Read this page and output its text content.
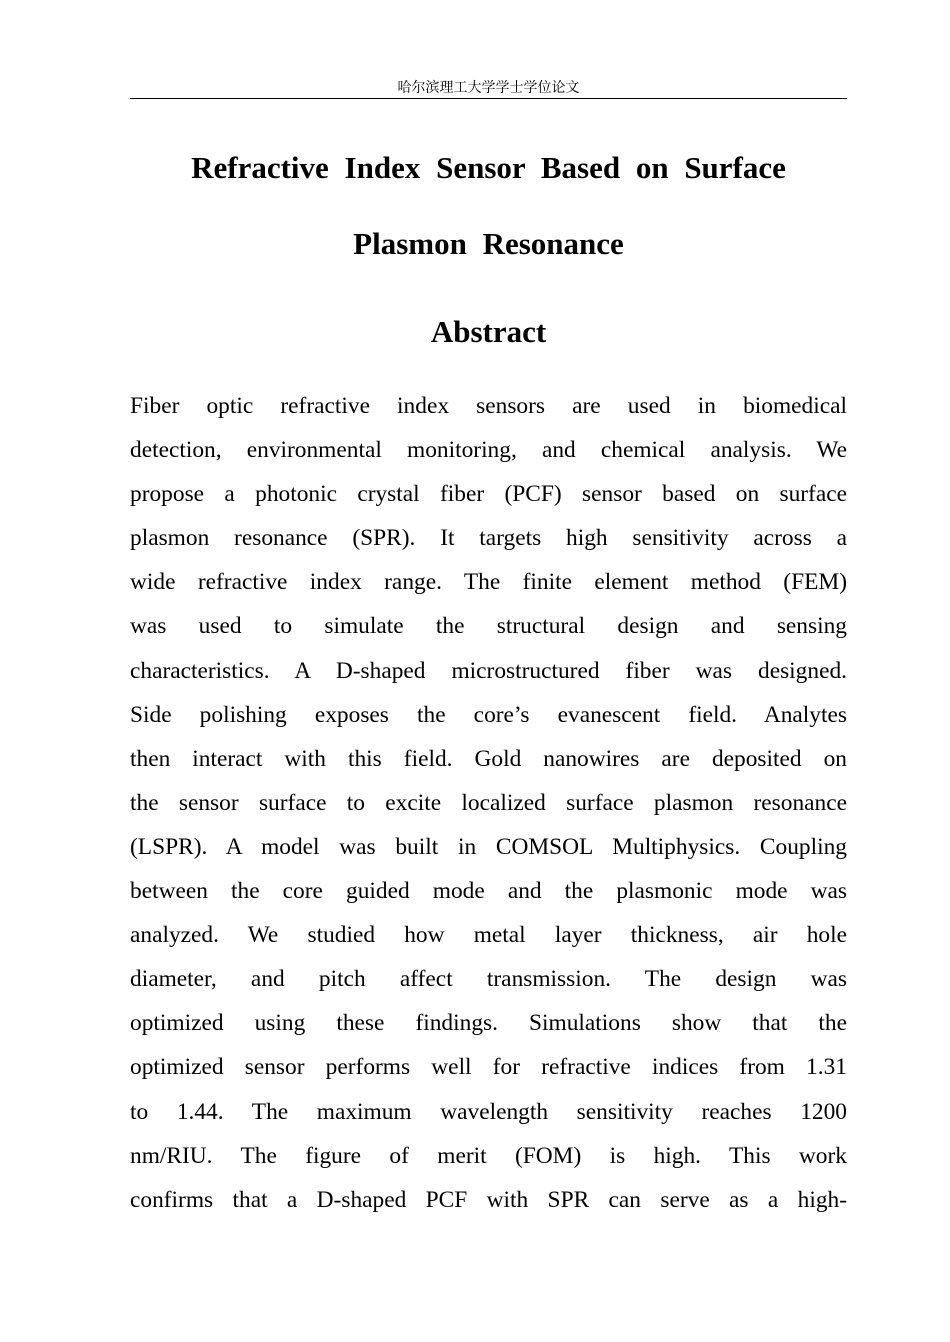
哈尔滨理工大学学士学位论文
Refractive Index Sensor Based on Surface
Plasmon Resonance
Abstract
Fiber optic refractive index sensors are used in biomedical
detection, environmental monitoring, and chemical analysis. We
propose a photonic crystal fiber (PCF) sensor based on surface
plasmon resonance (SPR). It targets high sensitivity across a
wide refractive index range. The finite element method (FEM)
was used to simulate the structural design and sensing
characteristics. A D-shaped microstructured fiber was designed.
Side polishing exposes the core’s evanescent field. Analytes
then interact with this field. Gold nanowires are deposited on
the sensor surface to excite localized surface plasmon resonance
(LSPR). A model was built in COMSOL Multiphysics. Coupling
between the core guided mode and the plasmonic mode was
analyzed. We studied how metal layer thickness, air hole
diameter, and pitch affect transmission. The design was
optimized using these findings. Simulations show that the
optimized sensor performs well for refractive indices from 1.31
to 1.44. The maximum wavelength sensitivity reaches 1200
nm/RIU. The figure of merit (FOM) is high. This work
confirms that a D-shaped PCF with SPR can serve as a high-
